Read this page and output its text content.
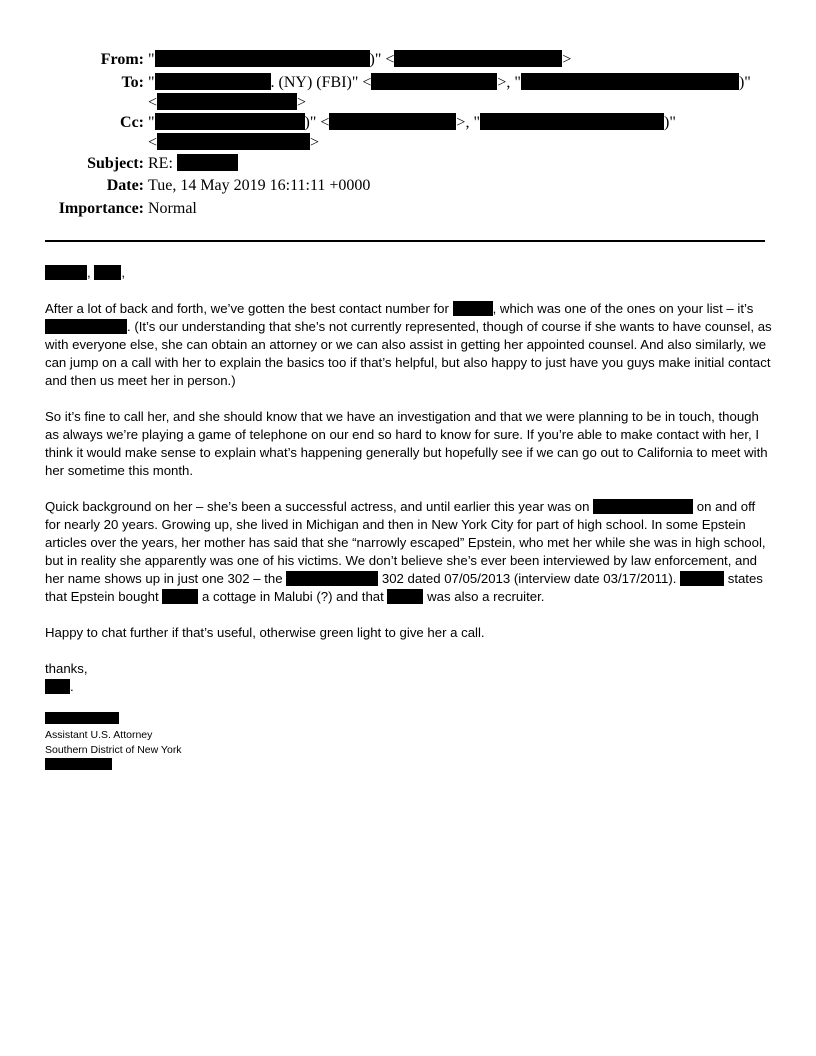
From: "	)" <	>
To: "	. (NY) (FBI)" <	>, "	)"
<	>
Cc: "	)" <	>, "	)"
<	>
Subject: RE:
Date: Tue, 14 May 2019 16:11:11 +0000
Importance: Normal

, ,

After a lot of back and forth, we’ve gotten the best contact number for	, which was one of the ones on your list – it’s . (It’s our understanding that she’s not currently represented, though of course if she wants to have counsel, as with everyone else, she can obtain an attorney or we can also assist in getting her appointed counsel. And also similarly, we can jump on a call with her to explain the basics too if that’s helpful, but also happy to just have you guys make initial contact and then us meet her in person.)

So it’s fine to call her, and she should know that we have an investigation and that we were planning to be in touch, though as always we’re playing a game of telephone on our end so hard to know for sure. If you’re able to make contact with her, I think it would make sense to explain what’s happening generally but hopefully see if we can go out to California to meet with her sometime this month.

Quick background on her – she’s been a successful actress, and until earlier this year was on	on and off for nearly 20 years. Growing up, she lived in Michigan and then in New York City for part of high school. In some Epstein articles over the years, her mother has said that she “narrowly escaped” Epstein, who met her while she was in high school, but in reality she apparently was one of his victims. We don’t believe she’s ever been interviewed by law enforcement, and her name shows up in just one 302 – the	302 dated 07/05/2013 (interview date 03/17/2011).	states that Epstein bought	a cottage in Malubi (?) and that	was also a recruiter.

Happy to chat further if that’s useful, otherwise green light to give her a call.

thanks,
.

Assistant U.S. Attorney
Southern District of New York
